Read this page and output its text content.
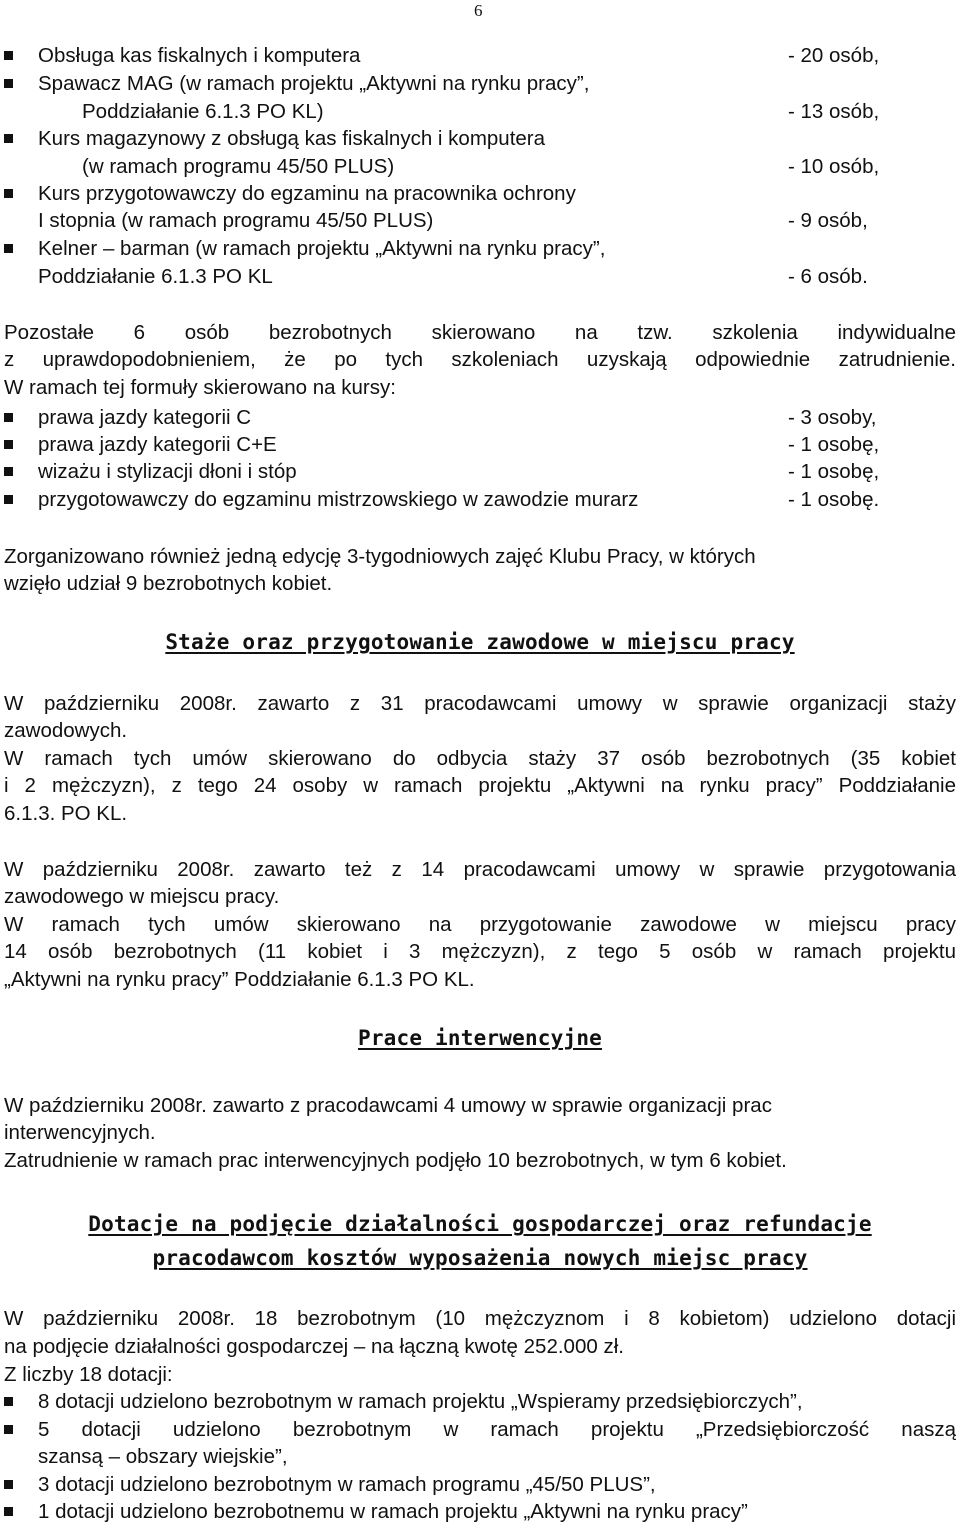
6
Obsługa kas fiskalnych i komputera	- 20 osób,
Spawacz MAG (w ramach projektu „Aktywni na rynku pracy”,
Poddziałanie 6.1.3 PO KL)	- 13 osób,
Kurs magazynowy z obsługą kas fiskalnych i komputera
(w ramach programu 45/50 PLUS)	- 10 osób,
Kurs przygotowawczy do egzaminu na pracownika ochrony
I stopnia (w ramach programu 45/50 PLUS)	- 9 osób,
Kelner – barman (w ramach projektu „Aktywni na rynku pracy”,
Poddziałanie 6.1.3 PO KL	- 6 osób.
Pozostałe 6 osób bezrobotnych skierowano na tzw. szkolenia indywidualne
z uprawdopodobnieniem, że po tych szkoleniach uzyskają odpowiednie zatrudnienie.
W ramach tej formuły skierowano na kursy:
prawa jazdy kategorii C	- 3 osoby,
prawa jazdy kategorii C+E	- 1 osobę,
wizażu i stylizacji dłoni i stóp	- 1 osobę,
przygotowawczy do egzaminu mistrzowskiego w zawodzie murarz	- 1 osobę.
Zorganizowano również jedną edycję 3-tygodniowych zajęć Klubu Pracy, w których
wzięło udział 9 bezrobotnych kobiet.
Staże oraz przygotowanie zawodowe w miejscu pracy
W październiku 2008r. zawarto z 31 pracodawcami umowy w sprawie organizacji staży
zawodowych.
W ramach tych umów skierowano do odbycia staży 37 osób bezrobotnych (35 kobiet
i 2 mężczyzn), z tego 24 osoby w ramach projektu „Aktywni na rynku pracy” Poddziałanie
6.1.3. PO KL.
W październiku 2008r. zawarto też z 14 pracodawcami umowy w sprawie przygotowania
zawodowego w miejscu pracy.
W ramach tych umów skierowano na przygotowanie zawodowe w miejscu pracy
14 osób bezrobotnych (11 kobiet i 3 mężczyzn), z tego 5 osób w ramach projektu
„Aktywni na rynku pracy” Poddziałanie 6.1.3 PO KL.
Prace interwencyjne
W październiku 2008r. zawarto z pracodawcami 4 umowy w sprawie organizacji prac
interwencyjnych.
Zatrudnienie w ramach prac interwencyjnych podjęło 10 bezrobotnych, w tym 6 kobiet.
Dotacje na podjęcie działalności gospodarczej oraz refundacje
pracodawcom kosztów wyposażenia nowych miejsc pracy
W październiku 2008r. 18 bezrobotnym (10 mężczyznom i 8 kobietom) udzielono dotacji
na podjęcie działalności gospodarczej – na łączną kwotę 252.000 zł.
Z liczby 18 dotacji:
8 dotacji udzielono bezrobotnym w ramach projektu „Wspieramy przedsiębiorczych”,
5 dotacji udzielono bezrobotnym w ramach projektu „Przedsiębiorczość naszą
szansą – obszary wiejskie”,
3 dotacji udzielono bezrobotnym w ramach programu „45/50 PLUS”,
1 dotacji udzielono bezrobotnemu w ramach projektu „Aktywni na rynku pracy”
